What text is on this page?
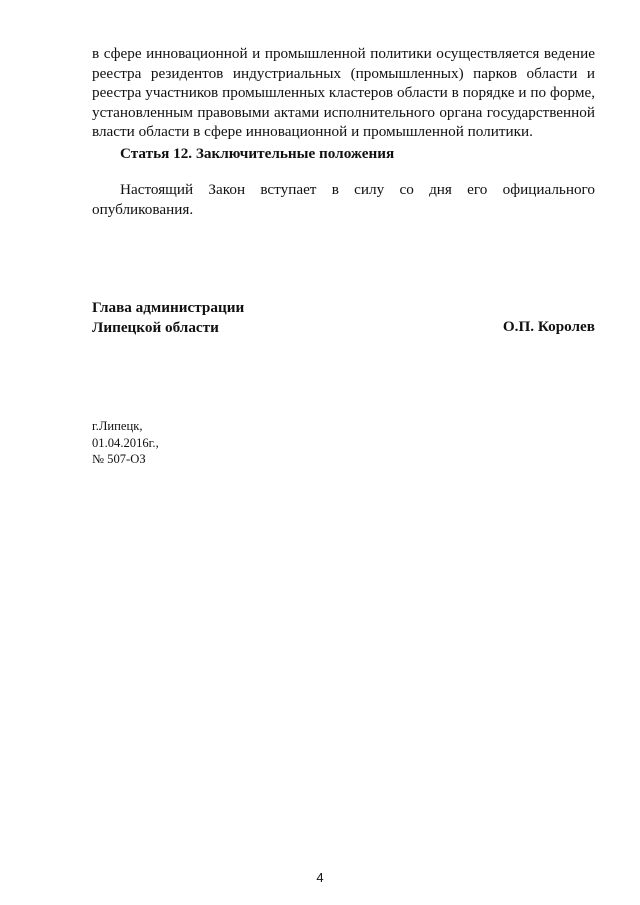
в сфере инновационной и промышленной политики осуществляется ведение
реестра резидентов индустриальных (промышленных) парков области и
реестра участников промышленных кластеров области в порядке и по форме,
установленным правовыми актами исполнительного органа государственной
власти области в сфере инновационной и промышленной политики.
Статья 12. Заключительные положения
Настоящий Закон вступает в силу со дня его официального
опубликования.
Глава администрации
Липецкой области	О.П. Королев
г.Липецк,
01.04.2016г.,
№ 507-ОЗ
4
